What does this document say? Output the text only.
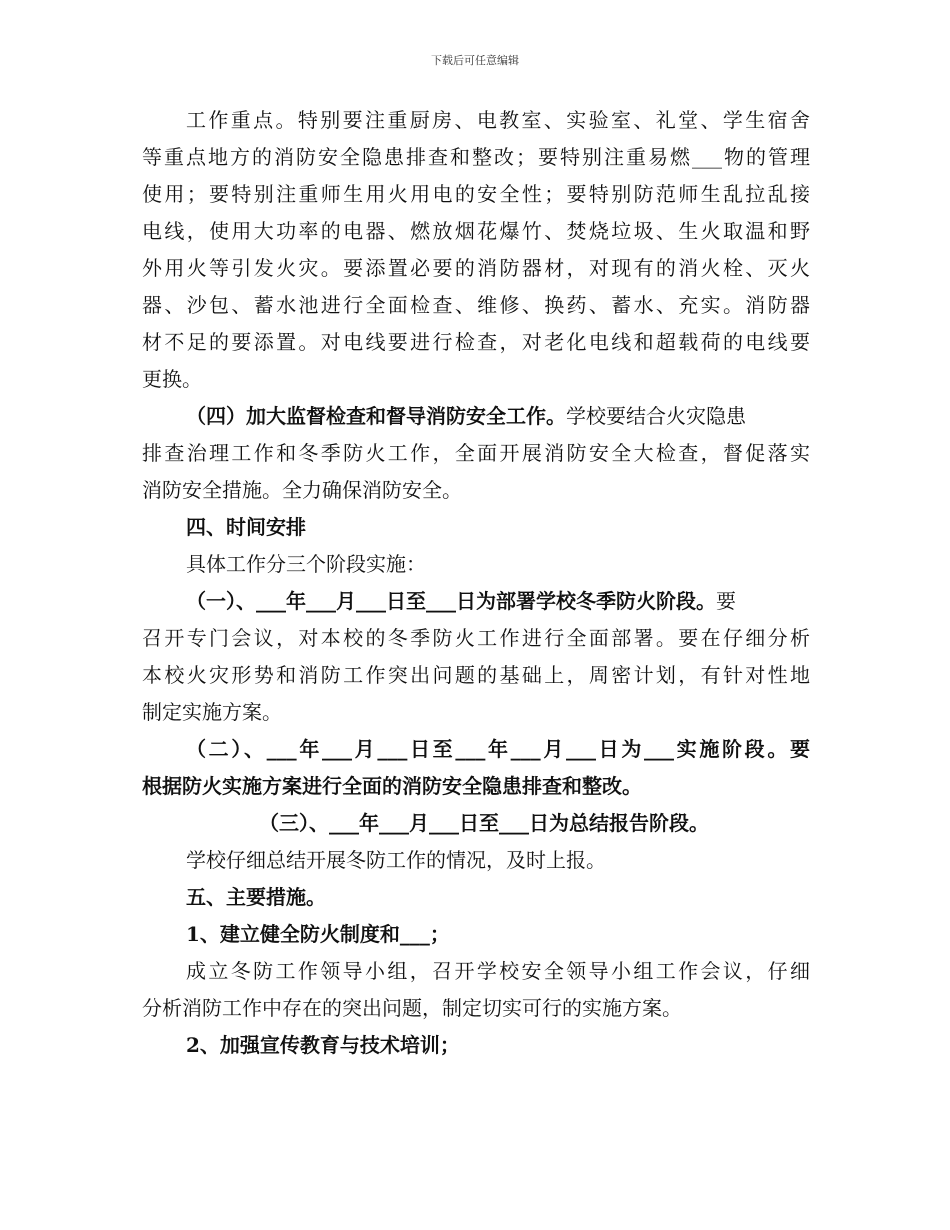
下载后可任意编辑
工作重点。特别要注重厨房、电教室、实验室、礼堂、学生宿舍
等重点地方的消防安全隐患排查和整改；要特别注重易燃___物的管理
使用；要特别注重师生用火用电的安全性；要特别防范师生乱拉乱接
电线，使用大功率的电器、燃放烟花爆竹、焚烧垃圾、生火取温和野
外用火等引发火灾。要添置必要的消防器材，对现有的消火栓、灭火
器、沙包、蓄水池进行全面检查、维修、换药、蓄水、充实。消防器
材不足的要添置。对电线要进行检查，对老化电线和超载荷的电线要
更换。
（四）加大监督检查和督导消防安全工作。学校要结合火灾隐患
排查治理工作和冬季防火工作，全面开展消防安全大检查，督促落实
消防安全措施。全力确保消防安全。
四、时间安排
具体工作分三个阶段实施：
（一）、___年___月___日至___日为部署学校冬季防火阶段。要
召开专门会议，对本校的冬季防火工作进行全面部署。要在仔细分析
本校火灾形势和消防工作突出问题的基础上，周密计划，有针对性地
制定实施方案。
（二）、___年___月___日至___年___月___日为___实施阶段。要
根据防火实施方案进行全面的消防安全隐患排查和整改。
（三）、___年___月___日至___日为总结报告阶段。
学校仔细总结开展冬防工作的情况，及时上报。
五、主要措施。
1、建立健全防火制度和___；
成立冬防工作领导小组，召开学校安全领导小组工作会议，仔细
分析消防工作中存在的突出问题，制定切实可行的实施方案。
2、加强宣传教育与技术培训；
